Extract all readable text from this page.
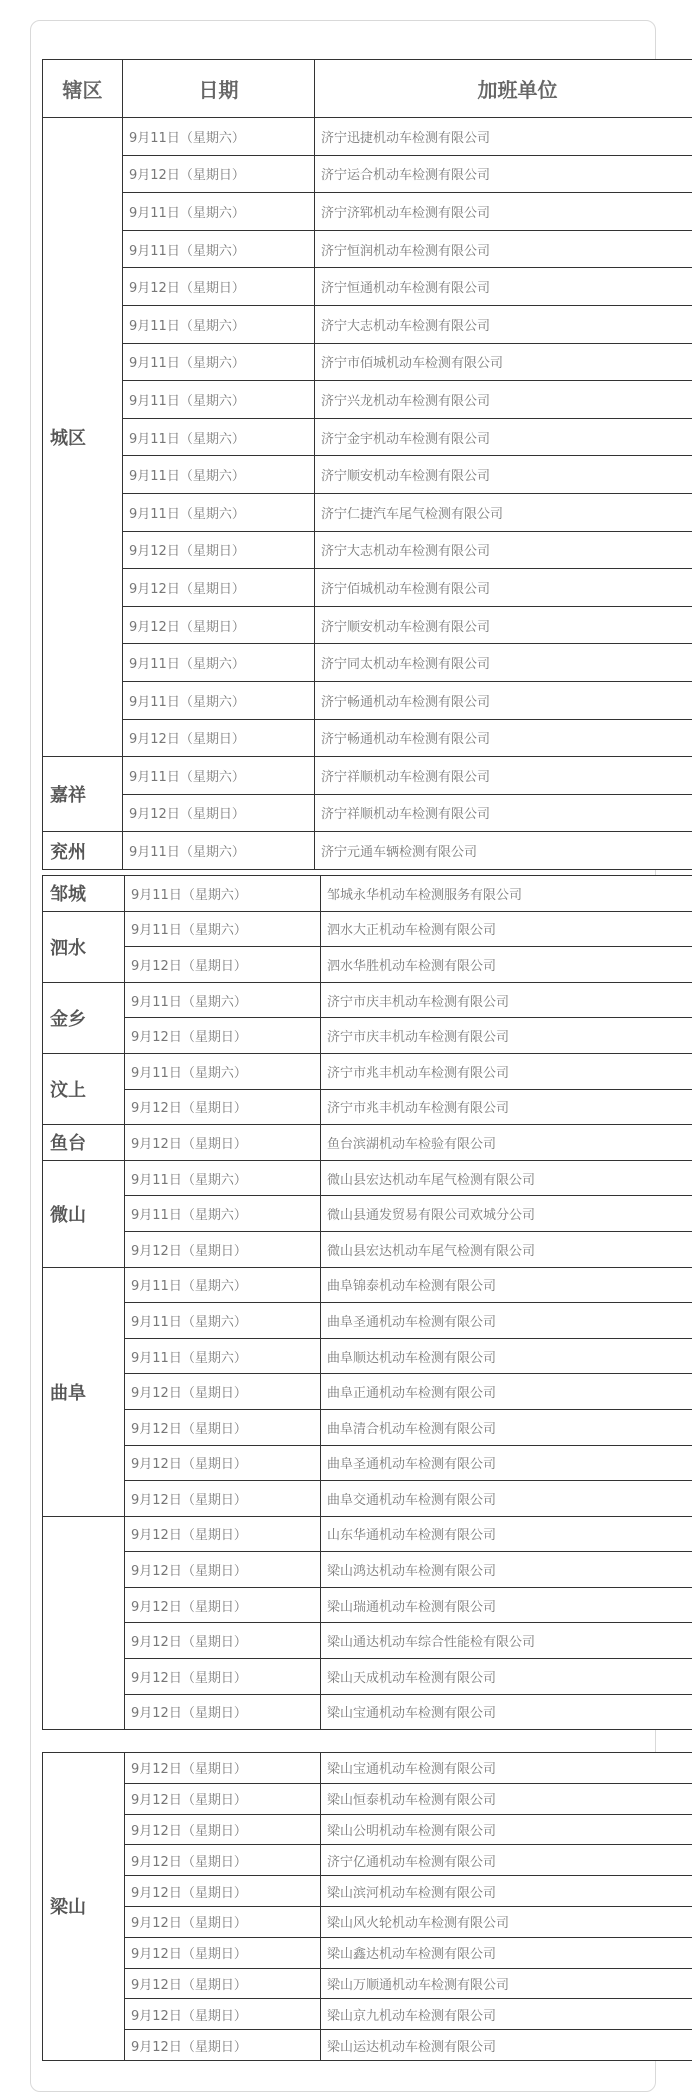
辖区	日期	加班单位
城区	9月11日（星期六）	济宁迅捷机动车检测有限公司
	9月12日（星期日）	济宁运合机动车检测有限公司
	9月11日（星期六）	济宁济郓机动车检测有限公司
	9月11日（星期六）	济宁恒润机动车检测有限公司
	9月12日（星期日）	济宁恒通机动车检测有限公司
	9月11日（星期六）	济宁大志机动车检测有限公司
	9月11日（星期六）	济宁市佰城机动车检测有限公司
	9月11日（星期六）	济宁兴龙机动车检测有限公司
	9月11日（星期六）	济宁金宇机动车检测有限公司
	9月11日（星期六）	济宁顺安机动车检测有限公司
	9月11日（星期六）	济宁仁捷汽车尾气检测有限公司
	9月12日（星期日）	济宁大志机动车检测有限公司
	9月12日（星期日）	济宁佰城机动车检测有限公司
	9月12日（星期日）	济宁顺安机动车检测有限公司
	9月11日（星期六）	济宁同太机动车检测有限公司
	9月11日（星期六）	济宁畅通机动车检测有限公司
	9月12日（星期日）	济宁畅通机动车检测有限公司
嘉祥	9月11日（星期六）	济宁祥顺机动车检测有限公司
	9月12日（星期日）	济宁祥顺机动车检测有限公司
兖州	9月11日（星期六）	济宁元通车辆检测有限公司
邹城	9月11日（星期六）	邹城永华机动车检测服务有限公司
泗水	9月11日（星期六）	泗水大正机动车检测有限公司
	9月12日（星期日）	泗水华胜机动车检测有限公司
金乡	9月11日（星期六）	济宁市庆丰机动车检测有限公司
	9月12日（星期日）	济宁市庆丰机动车检测有限公司
汶上	9月11日（星期六）	济宁市兆丰机动车检测有限公司
	9月12日（星期日）	济宁市兆丰机动车检测有限公司
鱼台	9月12日（星期日）	鱼台滨湖机动车检验有限公司
微山	9月11日（星期六）	微山县宏达机动车尾气检测有限公司
	9月11日（星期六）	微山县通发贸易有限公司欢城分公司
	9月12日（星期日）	微山县宏达机动车尾气检测有限公司
曲阜	9月11日（星期六）	曲阜锦泰机动车检测有限公司
	9月11日（星期六）	曲阜圣通机动车检测有限公司
	9月11日（星期六）	曲阜顺达机动车检测有限公司
	9月12日（星期日）	曲阜正通机动车检测有限公司
	9月12日（星期日）	曲阜清合机动车检测有限公司
	9月12日（星期日）	曲阜圣通机动车检测有限公司
	9月12日（星期日）	曲阜交通机动车检测有限公司
	9月12日（星期日）	山东华通机动车检测有限公司
	9月12日（星期日）	梁山鸿达机动车检测有限公司
	9月12日（星期日）	梁山瑞通机动车检测有限公司
	9月12日（星期日）	梁山通达机动车综合性能检有限公司
	9月12日（星期日）	梁山天成机动车检测有限公司
	9月12日（星期日）	梁山宝通机动车检测有限公司
梁山	9月12日（星期日）	梁山宝通机动车检测有限公司
	9月12日（星期日）	梁山恒泰机动车检测有限公司
	9月12日（星期日）	梁山公明机动车检测有限公司
	9月12日（星期日）	济宁亿通机动车检测有限公司
	9月12日（星期日）	梁山滨河机动车检测有限公司
	9月12日（星期日）	梁山风火轮机动车检测有限公司
	9月12日（星期日）	梁山鑫达机动车检测有限公司
	9月12日（星期日）	梁山万顺通机动车检测有限公司
	9月12日（星期日）	梁山京九机动车检测有限公司
	9月12日（星期日）	梁山运达机动车检测有限公司
